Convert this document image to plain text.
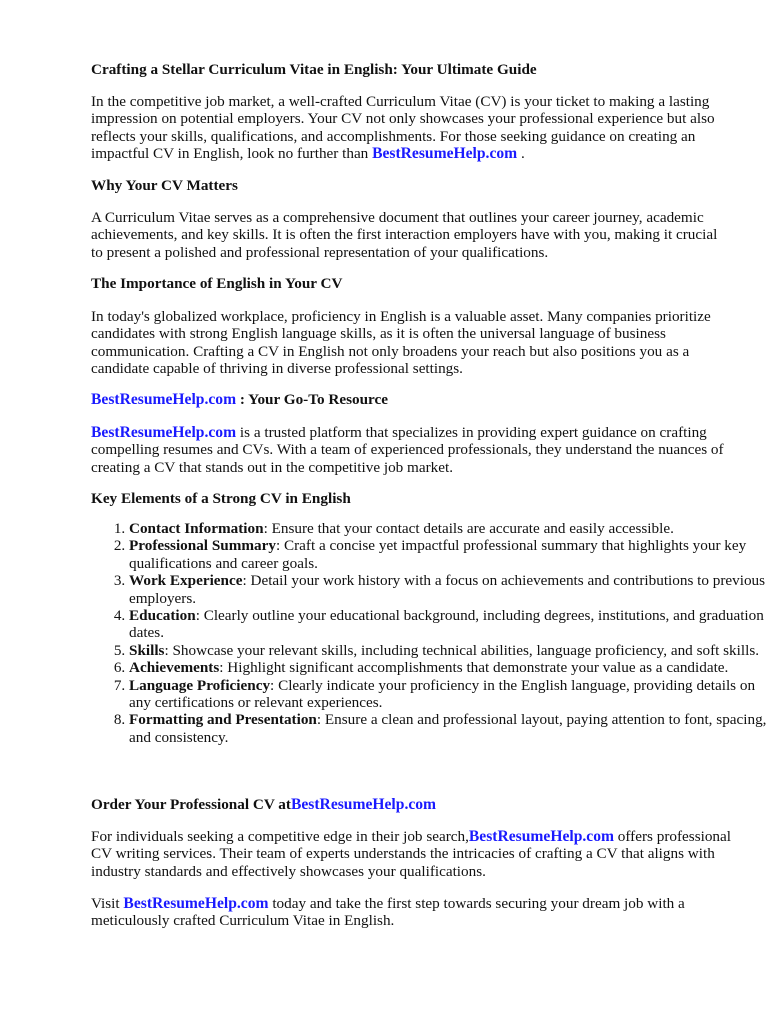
Crafting a Stellar Curriculum Vitae in English: Your Ultimate Guide

In the competitive job market, a well-crafted Curriculum Vitae (CV) is your ticket to making a lasting impression on potential employers. Your CV not only showcases your professional experience but also reflects your skills, qualifications, and accomplishments. For those seeking guidance on creating an impactful CV in English, look no further than BestResumeHelp.com .

Why Your CV Matters

A Curriculum Vitae serves as a comprehensive document that outlines your career journey, academic achievements, and key skills. It is often the first interaction employers have with you, making it crucial to present a polished and professional representation of your qualifications.

The Importance of English in Your CV

In today's globalized workplace, proficiency in English is a valuable asset. Many companies prioritize candidates with strong English language skills, as it is often the universal language of business communication. Crafting a CV in English not only broadens your reach but also positions you as a candidate capable of thriving in diverse professional settings.

BestResumeHelp.com : Your Go-To Resource

BestResumeHelp.com is a trusted platform that specializes in providing expert guidance on crafting compelling resumes and CVs. With a team of experienced professionals, they understand the nuances of creating a CV that stands out in the competitive job market.

Key Elements of a Strong CV in English
1. Contact Information: Ensure that your contact details are accurate and easily accessible.
2. Professional Summary: Craft a concise yet impactful professional summary that highlights your key qualifications and career goals.
3. Work Experience: Detail your work history with a focus on achievements and contributions to previous employers.
4. Education: Clearly outline your educational background, including degrees, institutions, and graduation dates.
5. Skills: Showcase your relevant skills, including technical abilities, language proficiency, and soft skills.
6. Achievements: Highlight significant accomplishments that demonstrate your value as a candidate.
7. Language Proficiency: Clearly indicate your proficiency in the English language, providing details on any certifications or relevant experiences.
8. Formatting and Presentation: Ensure a clean and professional layout, paying attention to font, spacing, and consistency.
Order Your Professional CV atBestResumeHelp.com

For individuals seeking a competitive edge in their job search,BestResumeHelp.com offers professional CV writing services. Their team of experts understands the intricacies of crafting a CV that aligns with industry standards and effectively showcases your qualifications.

Visit BestResumeHelp.com today and take the first step towards securing your dream job with a meticulously crafted Curriculum Vitae in English.
